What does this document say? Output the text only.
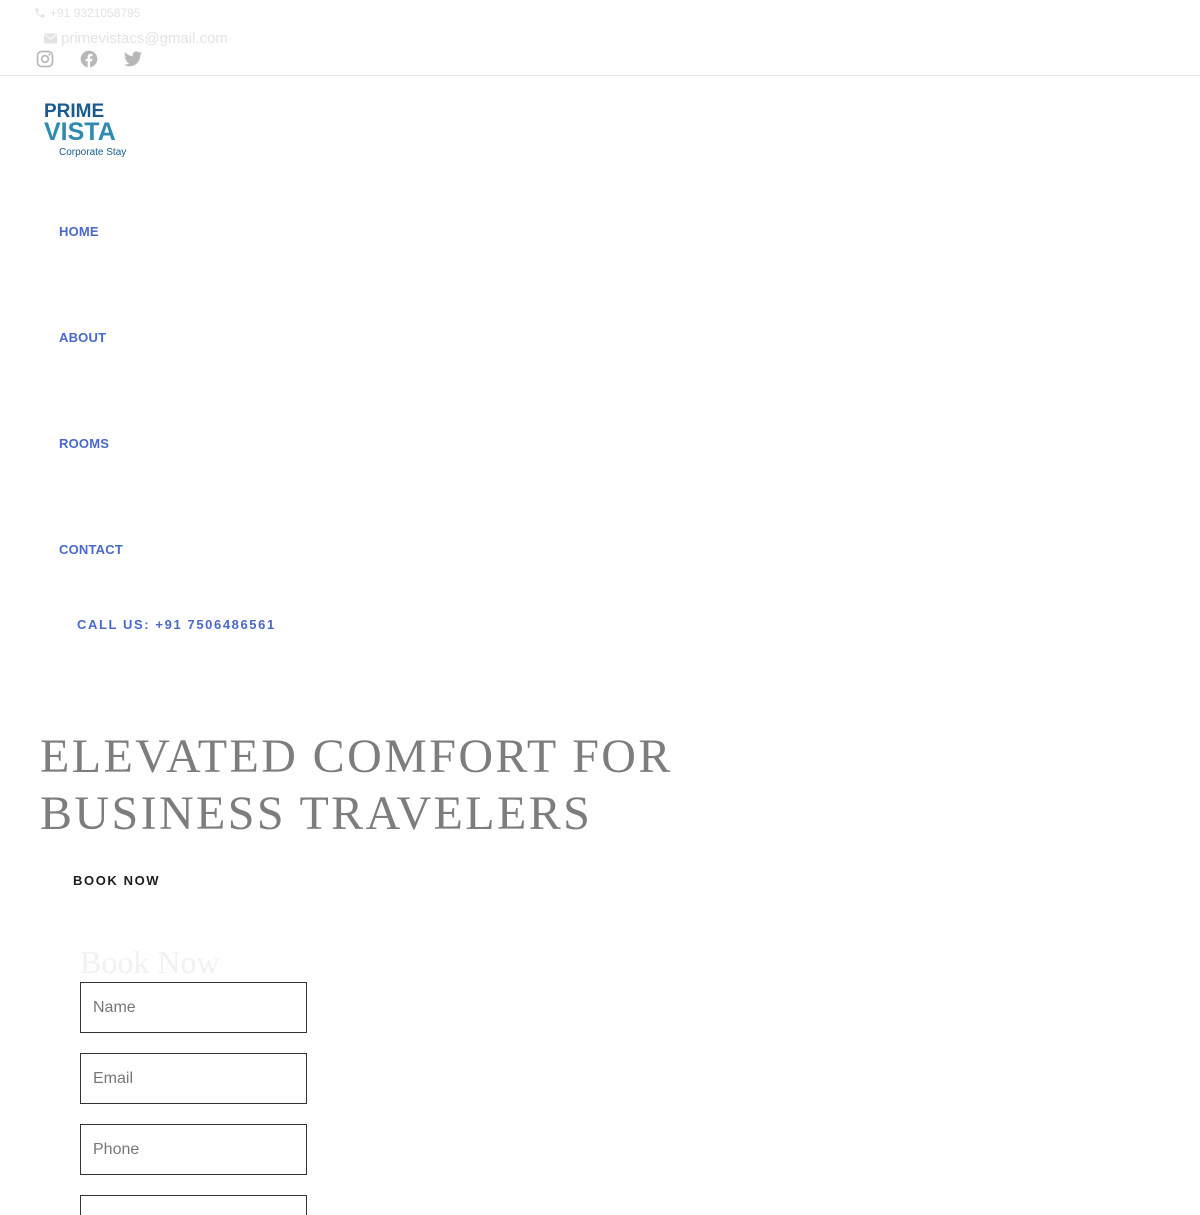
+91 9321058795
primevistacs@gmail.com
PRIME
VISTA
Corporate Stay
HOME
ABOUT
ROOMS
CONTACT
CALL US: +91 7506486561
ELEVATED COMFORT FOR BUSINESS TRAVELERS
BOOK NOW
Book Now
Name
Email
Phone
